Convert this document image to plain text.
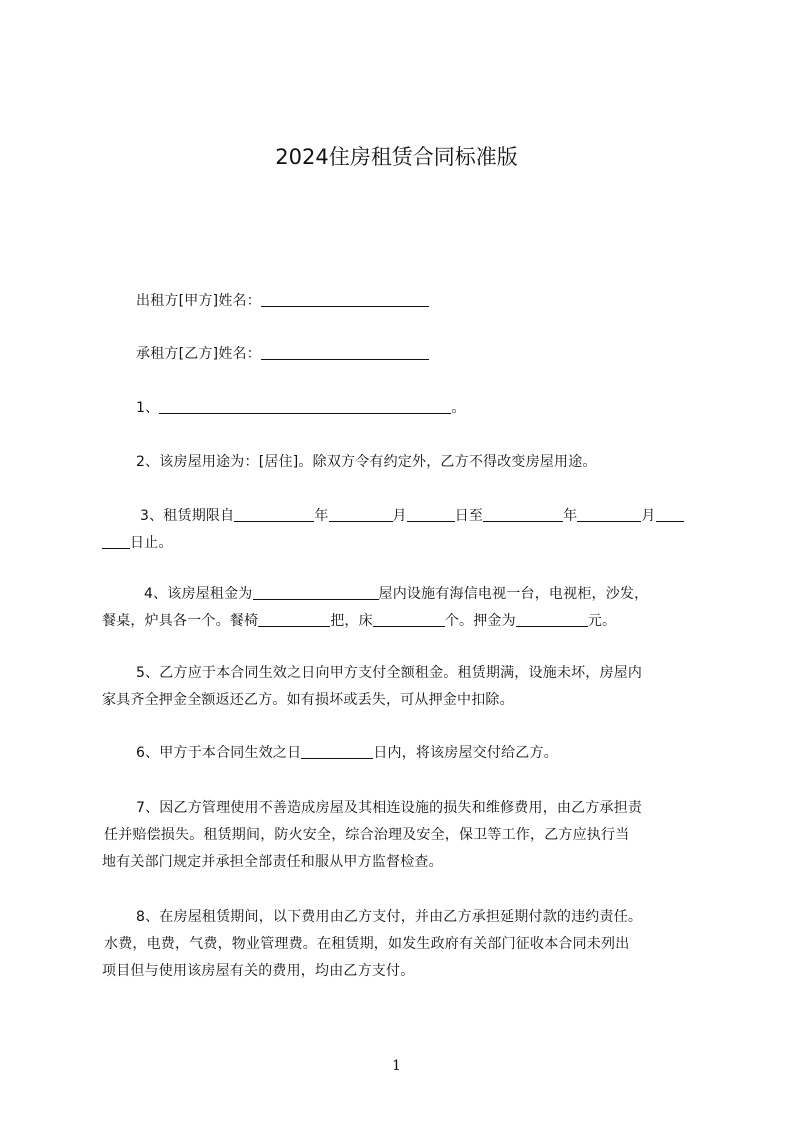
2024住房租赁合同标准版
出租方[甲方]姓名：
承租方[乙方]姓名：
1、	。
2、该房屋用途为：[居住]。除双方令有约定外，乙方不得改变房屋用途。
3、租赁期限自	年	月	日至	年	月
日止。
4、该房屋租金为	屋内设施有海信电视一台，电视柜，沙发，
餐桌，炉具各一个。餐椅	把，床	个。押金为	元。
5、乙方应于本合同生效之日向甲方支付全额租金。租赁期满，设施未坏，房屋内
家具齐全押金全额返还乙方。如有损坏或丢失，可从押金中扣除。
6、甲方于本合同生效之日	日内，将该房屋交付给乙方。
7、因乙方管理使用不善造成房屋及其相连设施的损失和维修费用，由乙方承担责
任并赔偿损失。租赁期间，防火安全，综合治理及安全，保卫等工作，乙方应执行当
地有关部门规定并承担全部责任和服从甲方监督检查。
8、在房屋租赁期间，以下费用由乙方支付，并由乙方承担延期付款的违约责任。
水费，电费，气费，物业管理费。在租赁期，如发生政府有关部门征收本合同未列出
项目但与使用该房屋有关的费用，均由乙方支付。
1
